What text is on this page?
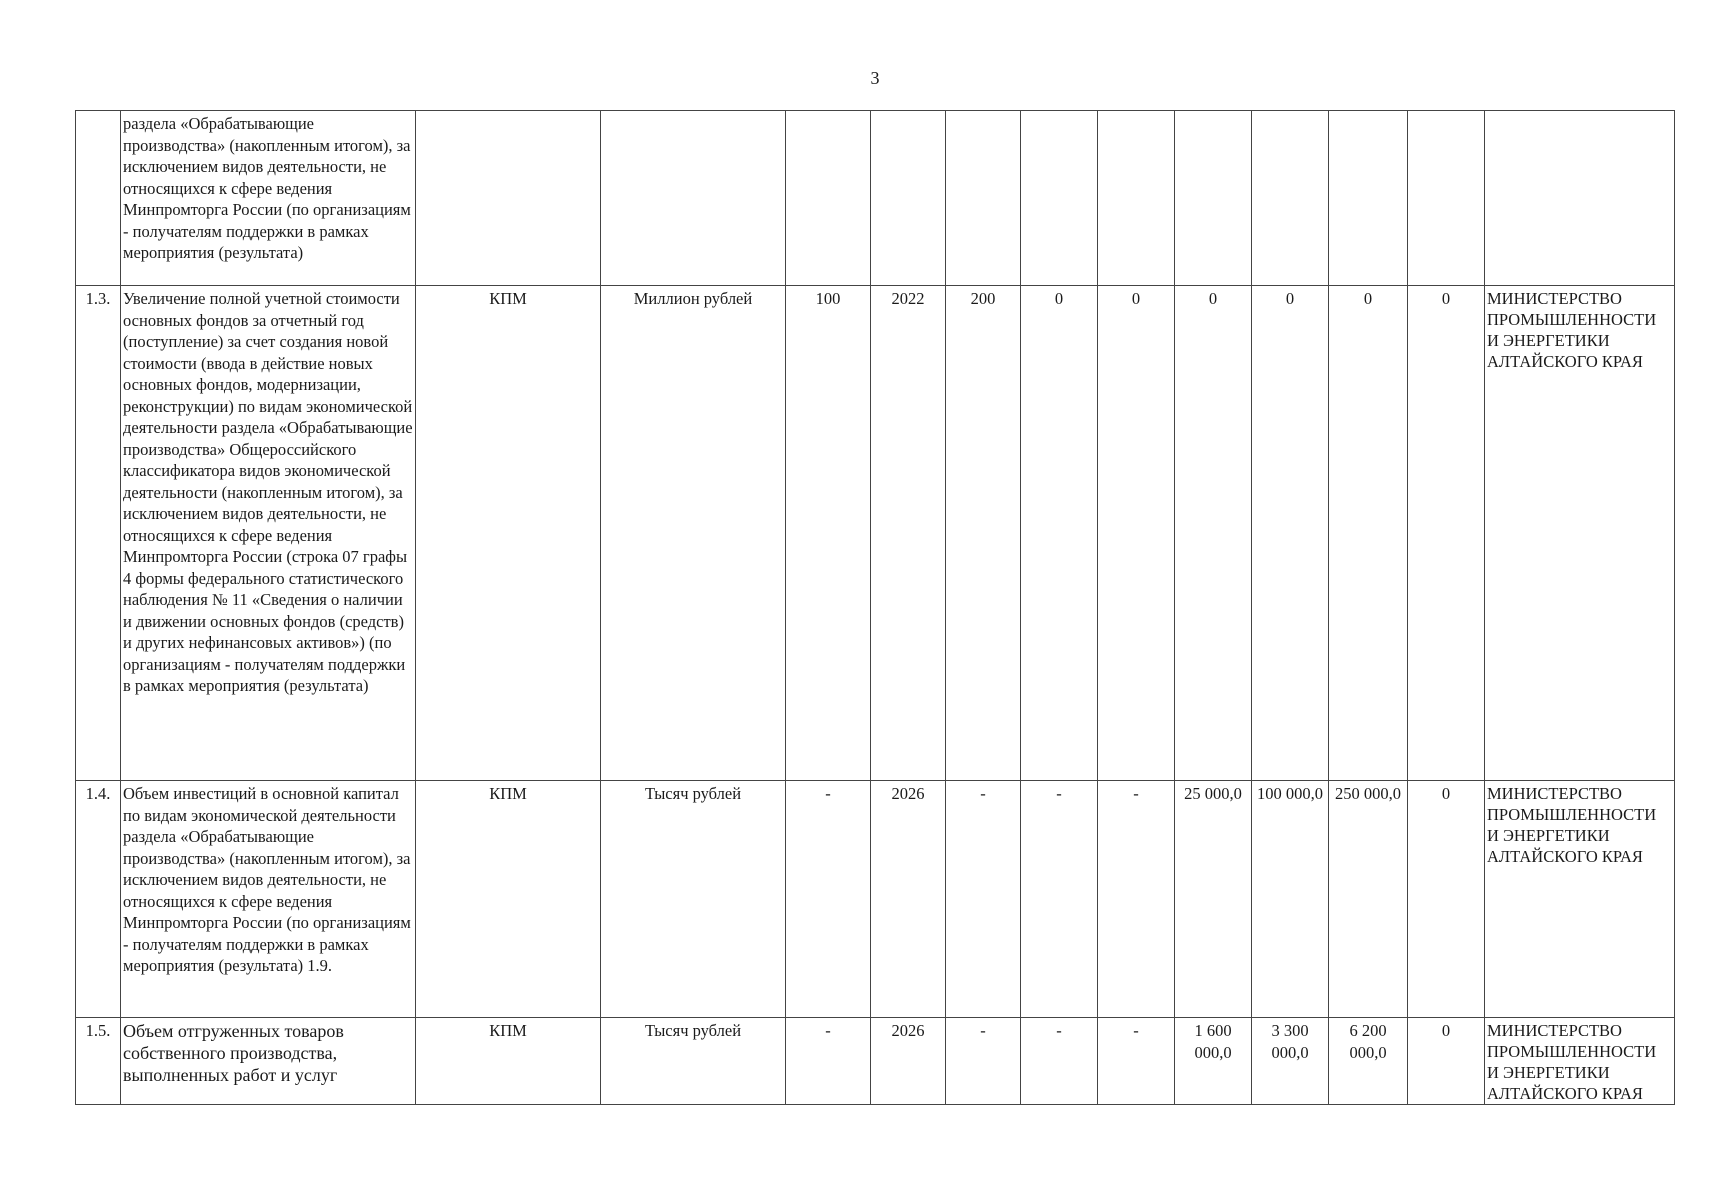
3
	раздела «Обрабатывающие производства» (накопленным итогом), за исключением видов деятельности, не относящихся к сфере ведения Минпромторга России (по организациям - получателям поддержки в рамках мероприятия (результата)												
1.3.	Увеличение полной учетной стоимости основных фондов за отчетный год (поступление) за счет создания новой стоимости (ввода в действие новых основных фондов, модернизации, реконструкции) по видам экономической деятельности раздела «Обрабатывающие производства» Общероссийского классификатора видов экономической деятельности (накопленным итогом), за исключением видов деятельности, не относящихся к сфере ведения Минпромторга России (строка 07 графы 4 формы федерального статистического наблюдения № 11 «Сведения о наличии и движении основных фондов (средств) и других нефинансовых активов») (по организациям - получателям поддержки в рамках мероприятия (результата)	КПМ	Миллион рублей	100	2022	200	0	0	0	0	0	0	МИНИСТЕРСТВО ПРОМЫШЛЕННОСТИ И ЭНЕРГЕТИКИ АЛТАЙСКОГО КРАЯ
1.4.	Объем инвестиций в основной капитал по видам экономической деятельности раздела «Обрабатывающие производства» (накопленным итогом), за исключением видов деятельности, не относящихся к сфере ведения Минпромторга России (по организациям - получателям поддержки в рамках мероприятия (результата) 1.9.	КПМ	Тысяч рублей	-	2026	-	-	-	25 000,0	100 000,0	250 000,0	0	МИНИСТЕРСТВО ПРОМЫШЛЕННОСТИ И ЭНЕРГЕТИКИ АЛТАЙСКОГО КРАЯ
1.5.	Объем отгруженных товаров собственного производства, выполненных работ и услуг	КПМ	Тысяч рублей	-	2026	-	-	-	1 600 000,0	3 300 000,0	6 200 000,0	0	МИНИСТЕРСТВО ПРОМЫШЛЕННОСТИ И ЭНЕРГЕТИКИ АЛТАЙСКОГО КРАЯ
